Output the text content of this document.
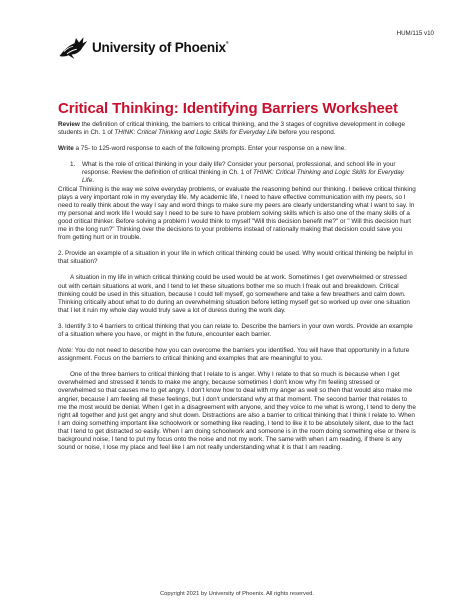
HUM/115 v10
University of Phoenix®
Critical Thinking: Identifying Barriers Worksheet

Review the definition of critical thinking, the barriers to critical thinking, and the 3 stages of cognitive development in college students in Ch. 1 of THINK: Critical Thinking and Logic Skills for Everyday Life before you respond.

Write a 75- to 125-word response to each of the following prompts. Enter your response on a new line.

1.	What is the role of critical thinking in your daily life? Consider your personal, professional, and school life in your response. Review the definition of critical thinking in Ch. 1 of THINK: Critical Thinking and Logic Skills for Everyday Life.

Critical Thinking is the way we solve everyday problems, or evaluate the reasoning behind our thinking. I believe critical thinking plays a very important role in my everyday life. My academic life, I need to have effective communication with my peers, so I need to really think about the way I say and word things to make sure my peers are clearly understanding what I want to say. In my personal and work life I would say I need to be sure to have problem solving skills which is also one of the many skills of a good critical thinker. Before solving a problem I would think to myself "Will this decision benefit me?" or " Will this decision hurt me in the long run?" Thinking over the decisions to your problems instead of rationally making that decision could save you from getting hurt or in trouble.

2. Provide an example of a situation in your life in which critical thinking could be used. Why would critical thinking be helpful in that situation?

A situation in my life in which critical thinking could be used would be at work. Sometimes I get overwhelmed or stressed out with certain situations at work, and I tend to let these situations bother me so much I freak out and breakdown. Critical thinking could be used in this situation, because I could tell myself, go somewhere and take a few breathers and calm down. Thinking critically about what to do during an overwhelming situation before letting myself get so worked up over one situation that I let it ruin my whole day would truly save a lot of duress during the work day.

3. Identify 3 to 4 barriers to critical thinking that you can relate to. Describe the barriers in your own words. Provide an example of a situation where you have, or might in the future, encounter each barrier.

Note: You do not need to describe how you can overcome the barriers you identified. You will have that opportunity in a future assignment. Focus on the barriers to critical thinking and examples that are meaningful to you.

One of the three barriers to critical thinking that I relate to is anger. Why I relate to that so much is because when I get overwhelmed and stressed it tends to make me angry, because sometimes I don't know why I'm feeling stressed or overwhelmed so that causes me to get angry. I don't know how to deal with my anger as well so then that would also make me angrier, because I am feeling all these feelings, but I don't understand why at that moment. The second barrier that relates to me the most would be denial. When I get in a disagreement with anyone, and they voice to me what is wrong, I tend to deny the right all together and just get angry and shut down. Distractions are also a barrier to critical thinking that I think I relate to. When I am doing something important like schoolwork or something like reading, I tend to like it to be absolutely silent, due to the fact that I tend to get distracted so easily. When I am doing schoolwork and someone is in the room doing something else or there is background noise, I tend to put my focus onto the noise and not my work. The same with when I am reading, if there is any sound or noise, I lose my place and feel like I am not really understanding what it is that I am reading.

Copyright 2021 by University of Phoenix. All rights reserved.
